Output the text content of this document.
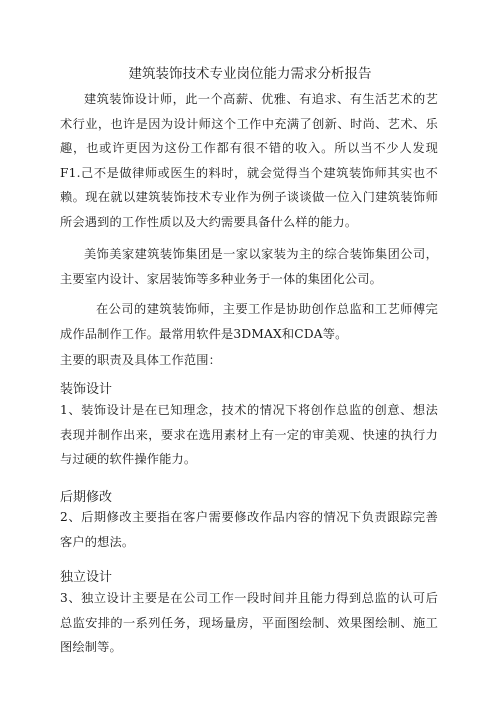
建筑装饰技术专业岗位能力需求分析报告

建筑装饰设计师，此一个高薪、优雅、有追求、有生活艺术的艺术行业，也许是因为设计师这个工作中充满了创新、时尚、艺术、乐趣，也或许更因为这份工作都有很不错的收入。所以当不少人发现F1.己不是做律师或医生的料时，就会觉得当个建筑装饰师其实也不赖。现在就以建筑装饰技术专业作为例子谈谈做一位入门建筑装饰师所会遇到的工作性质以及大约需要具备什么样的能力。

美饰美家建筑装饰集团是一家以家装为主的综合装饰集团公司，主要室内设计、家居装饰等多种业务于一体的集团化公司。

在公司的建筑装饰师，主要工作是协助创作总监和工艺师傅完成作品制作工作。最常用软件是3DMAX和CDA等。

主要的职责及具体工作范围：

装饰设计

1、装饰设计是在已知理念，技术的情况下将创作总监的创意、想法表现并制作出来，要求在选用素材上有一定的审美观、快速的执行力与过硬的软件操作能力。

后期修改

2、后期修改主要指在客户需要修改作品内容的情况下负责跟踪完善客户的想法。

独立设计

3、独立设计主要是在公司工作一段时间并且能力得到总监的认可后总监安排的一系列任务，现场量房，平面图绘制、效果图绘制、施工图绘制等。
